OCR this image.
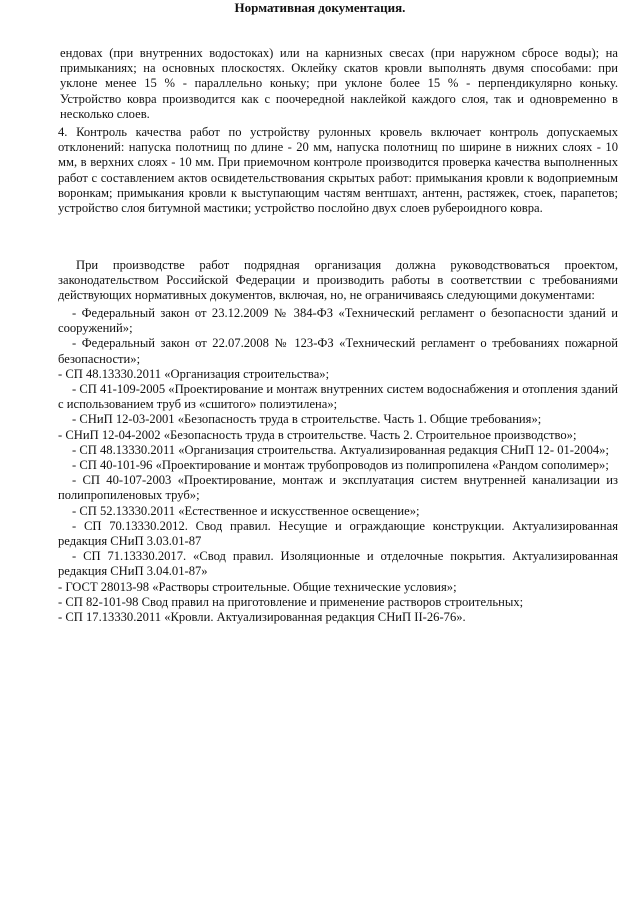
ендовах (при внутренних водостоках) или на карнизных свесах (при наружном сбросе воды); на примыканиях; на основных плоскостях. Оклейку скатов кровли выполнять двумя способами: при уклоне менее 15 % - параллельно коньку; при уклоне более 15 % - перпендикулярно коньку. Устройство ковра производится как с поочередной наклейкой каждого слоя, так и одновременно в несколько слоев.
4. Контроль качества работ по устройству рулонных кровель включает контроль допускаемых отклонений: напуска полотнищ по длине - 20 мм, напуска полотнищ по ширине в нижних слоях - 10 мм, в верхних слоях - 10 мм. При приемочном контроле производится проверка качества выполненных работ с составлением актов освидетельствования скрытых работ: примыкания кровли к водоприемным воронкам; примыкания кровли к выступающим частям вентшахт, антенн, растяжек, стоек, парапетов; устройство слоя битумной мастики; устройство послойно двух слоев рубероидного ковра.
Нормативная документация.
При производстве работ подрядная организация должна руководствоваться проектом, законодательством Российской Федерации и производить работы в соответствии с требованиями действующих нормативных документов, включая, но, не ограничиваясь следующими документами:
- Федеральный закон от 23.12.2009 № 384-ФЗ «Технический регламент о безопасности зданий и сооружений»;
- Федеральный закон от 22.07.2008 № 123-ФЗ «Технический регламент о требованиях пожарной безопасности»;
- СП 48.13330.2011 «Организация строительства»;
- СП 41-109-2005 «Проектирование и монтаж внутренних систем водоснабжения и отопления зданий с использованием труб из «сшитого» полиэтилена»;
- СНиП 12-03-2001 «Безопасность труда в строительстве. Часть 1. Общие требования»;
- СНиП 12-04-2002 «Безопасность труда в строительстве. Часть 2. Строительное производство»;
- СП 48.13330.2011 «Организация строительства. Актуализированная редакция СНиП 12- 01-2004»;
- СП 40-101-96 «Проектирование и монтаж трубопроводов из полипропилена «Рандом сополимер»;
- СП 40-107-2003 «Проектирование, монтаж и эксплуатация систем внутренней канализации из полипропиленовых труб»;
- СП 52.13330.2011 «Естественное и искусственное освещение»;
- СП 70.13330.2012. Свод правил. Несущие и ограждающие конструкции. Актуализированная редакция СНиП 3.03.01-87
- СП 71.13330.2017. «Свод правил. Изоляционные и отделочные покрытия. Актуализированная редакция СНиП 3.04.01-87»
- ГОСТ 28013-98 «Растворы строительные. Общие технические условия»;
- СП 82-101-98 Свод правил на приготовление и применение растворов строительных;
- СП 17.13330.2011 «Кровли. Актуализированная редакция СНиП II-26-76».
